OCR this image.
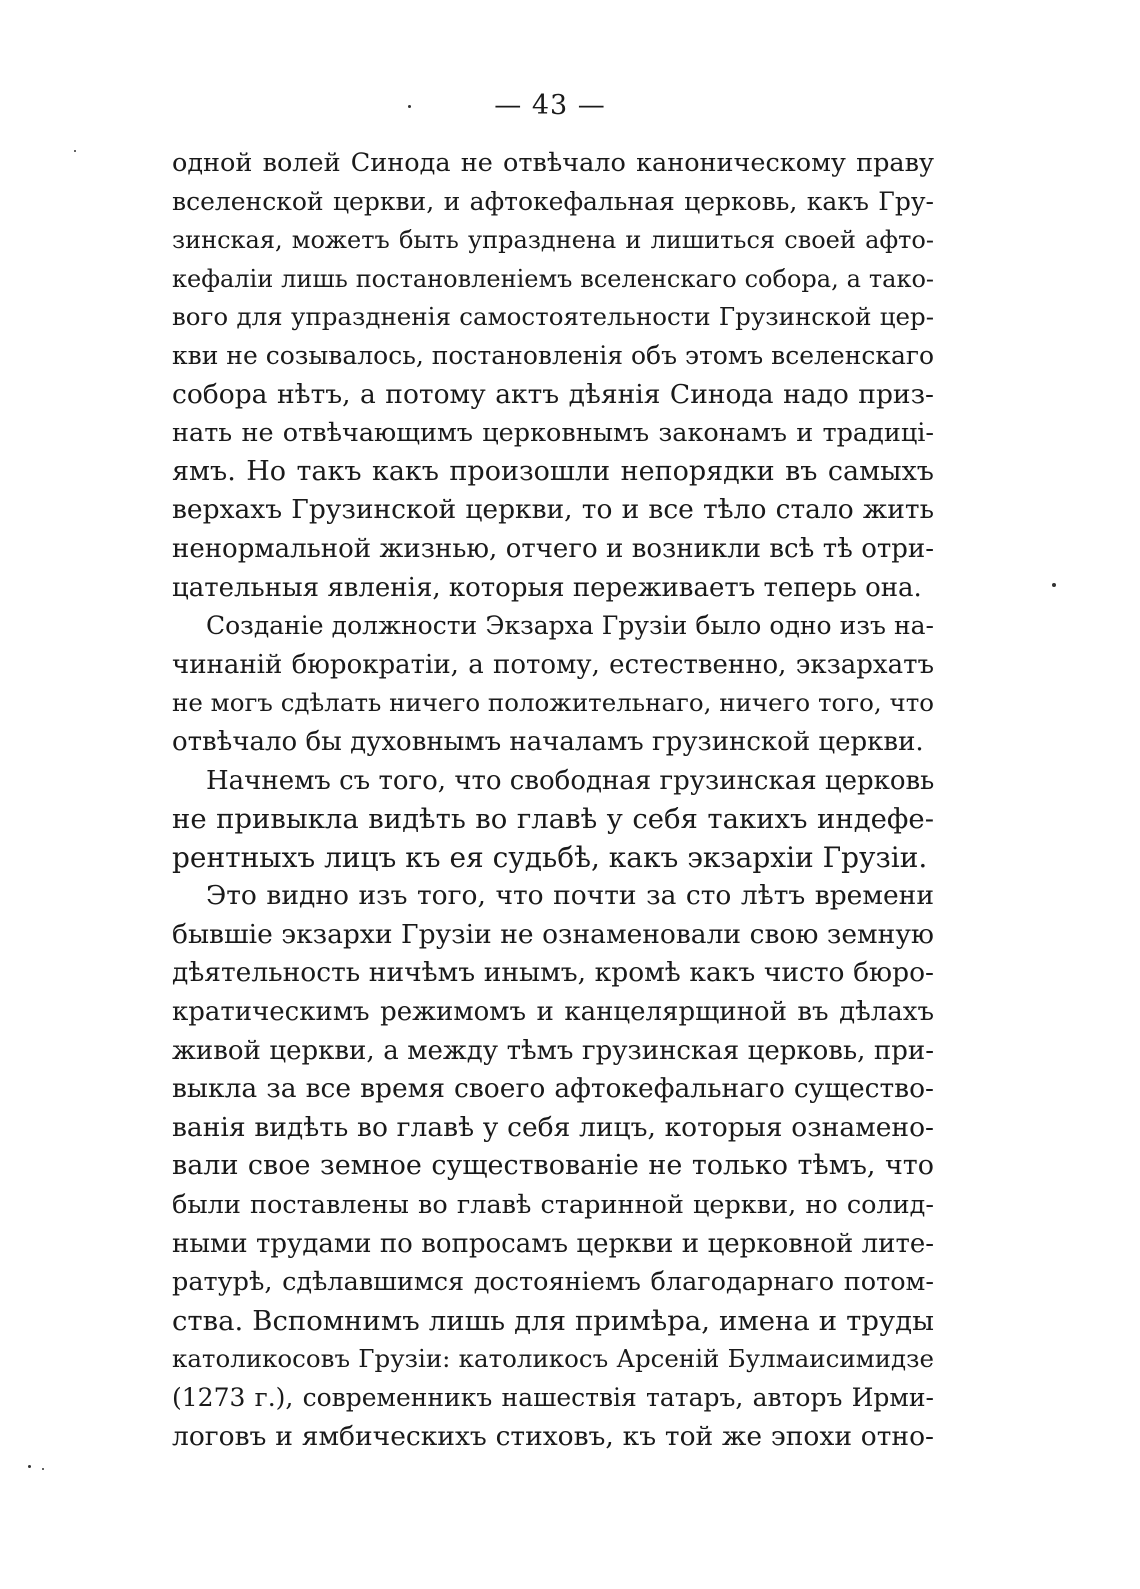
— 43 —
одной волей Синода не отвѣчало каноническому праву
вселенской церкви, и афтокефальная церковь, какъ Гру-
зинская, можетъ быть упразднена и лишиться своей афто-
кефаліи лишь постановленіемъ вселенскаго собора, а тако-
вого для упраздненія самостоятельности Грузинской цер-
кви не созывалось, постановленія объ этомъ вселенскаго
собора нѣтъ, а потому актъ дѣянія Синода надо приз-
нать не отвѣчающимъ церковнымъ законамъ и традиці-
ямъ. Но такъ какъ произошли непорядки въ самыхъ
верхахъ Грузинской церкви, то и все тѣло стало жить
ненормальной жизнью, отчего и возникли всѣ тѣ отри-
цательныя явленія, которыя переживаетъ теперь она.
Созданіе должности Экзарха Грузіи было одно изъ на-
чинаній бюрократіи, а потому, естественно, экзархатъ
не могъ сдѣлать ничего положительнаго, ничего того, что
отвѣчало бы духовнымъ началамъ грузинской церкви.
Начнемъ съ того, что свободная грузинская церковь
не привыкла видѣть во главѣ у себя такихъ индефе-
рентныхъ лицъ къ ея судьбѣ, какъ экзархіи Грузіи.
Это видно изъ того, что почти за сто лѣтъ времени
бывшіе экзархи Грузіи не ознаменовали свою земную
дѣятельность ничѣмъ инымъ, кромѣ какъ чисто бюро-
кратическимъ режимомъ и канцелярщиной въ дѣлахъ
живой церкви, а между тѣмъ грузинская церковь, при-
выкла за все время своего афтокефальнаго существо-
ванія видѣть во главѣ у себя лицъ, которыя ознамено-
вали свое земное существованіе не только тѣмъ, что
были поставлены во главѣ старинной церкви, но солид-
ными трудами по вопросамъ церкви и церковной лите-
ратурѣ, сдѣлавшимся достояніемъ благодарнаго потом-
ства. Вспомнимъ лишь для примѣра, имена и труды
католикосовъ Грузіи: католикосъ Арсеній Булмаисимидзе
(1273 г.), современникъ нашествія татаръ, авторъ Ирми-
логовъ и ямбическихъ стиховъ, къ той же эпохи отно-
